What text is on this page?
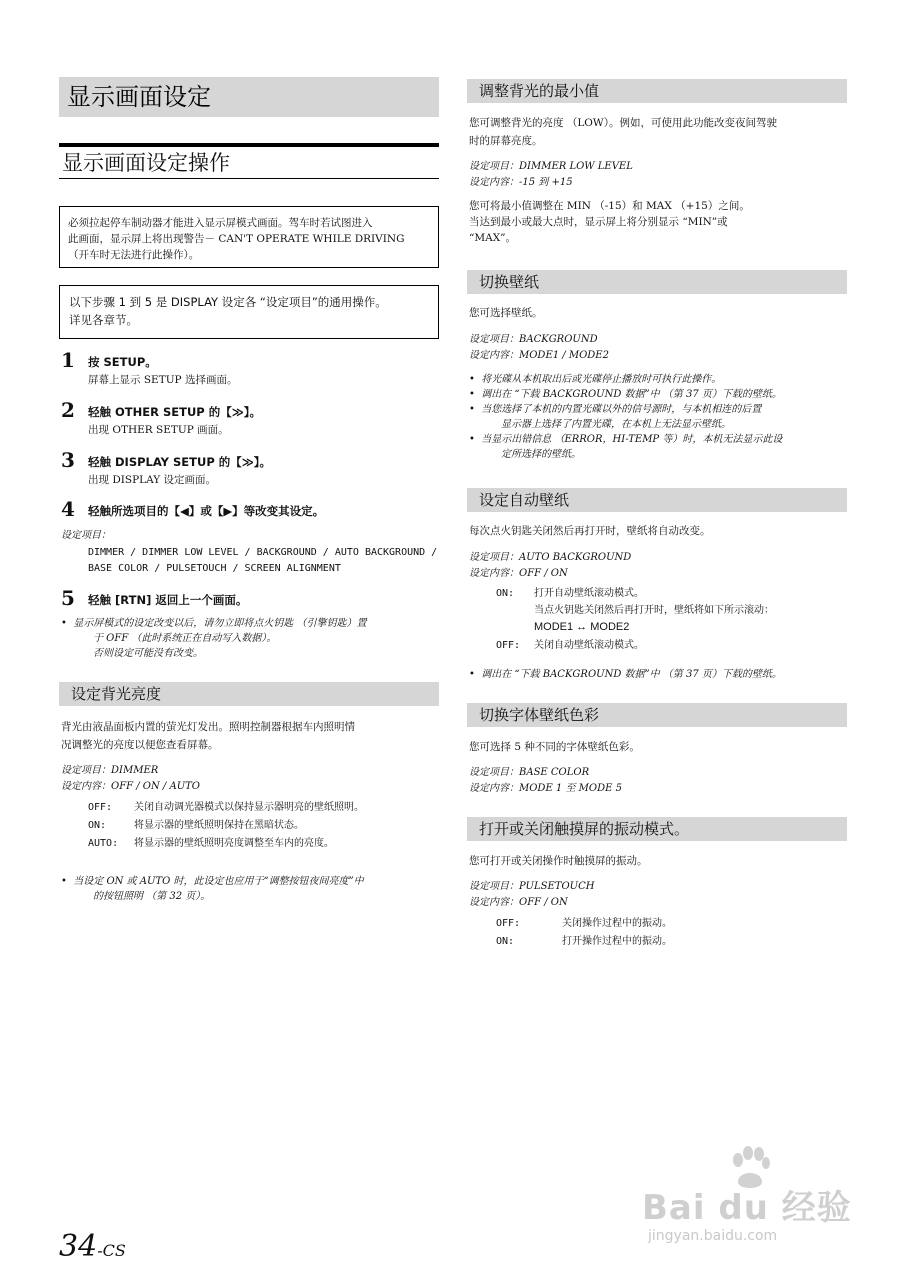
显示画面设定
显示画面设定操作
必须拉起停车制动器才能进入显示屏模式画面。驾车时若试图进入
此画面，显示屏上将出现警告－ CAN'T OPERATE WHILE DRIVING
（开车时无法进行此操作）。
以下步骤 1 到 5 是 DISPLAY 设定各 “设定项目”的通用操作。
详见各章节。
1 按 SETUP。
屏幕上显示 SETUP 选择画面。
2 轻触 OTHER SETUP 的【≫】。
出现 OTHER SETUP 画面。
3 轻触 DISPLAY SETUP 的【≫】。
出现 DISPLAY 设定画面。
4 轻触所选项目的【◀】或【▶】等改变其设定。
设定项目：
DIMMER / DIMMER LOW LEVEL / BACKGROUND / AUTO BACKGROUND /
BASE COLOR / PULSETOUCH / SCREEN ALIGNMENT
5 轻触 [RTN] 返回上一个画面。
•  显示屏模式的设定改变以后，请勿立即将点火钥匙 （引擎钥匙）置
于 OFF （此时系统正在自动写入数据）。
否则设定可能没有改变。
设定背光亮度
背光由液晶面板内置的萤光灯发出。照明控制器根据车内照明情
况调整光的亮度以便您查看屏幕。
设定项目：DIMMER
设定内容：OFF / ON / AUTO
OFF: 关闭自动调光器模式以保持显示器明亮的壁纸照明。
ON:	将显示器的壁纸照明保持在黑暗状态。
AUTO: 将显示器的壁纸照明亮度调整至车内的亮度。
•  当设定 ON 或 AUTO 时，此设定也应用于“调整按钮夜间亮度”中
的按钮照明 （第 32 页）。
调整背光的最小值
您可调整背光的亮度 （LOW）。例如，可使用此功能改变夜间驾驶
时的屏幕亮度。
设定项目：DIMMER LOW LEVEL
设定内容：-15 到 +15
您可将最小值调整在 MIN （-15）和 MAX （+15）之间。
当达到最小或最大点时，显示屏上将分别显示 “MIN”或
“MAX”。
切换壁纸
您可选择壁纸。
设定项目：BACKGROUND
设定内容：MODE1 / MODE2
•  将光碟从本机取出后或光碟停止播放时可执行此操作。
•  调出在 “下载 BACKGROUND 数据”中 （第 37 页）下载的壁纸。
•  当您选择了本机的内置光碟以外的信号源时，与本机相连的后置
显示器上选择了内置光碟，在本机上无法显示壁纸。
•  当显示出错信息 （ERROR，HI-TEMP 等）时，本机无法显示此设
定所选择的壁纸。
设定自动壁纸
每次点火钥匙关闭然后再打开时，壁纸将自动改变。
设定项目：AUTO BACKGROUND
设定内容：OFF / ON
ON: 打开自动壁纸滚动模式。
当点火钥匙关闭然后再打开时，壁纸将如下所示滚动：
MODE1 ↔ MODE2
OFF: 关闭自动壁纸滚动模式。
•  调出在 “下载 BACKGROUND 数据”中 （第 37 页）下载的壁纸。
切换字体壁纸色彩
您可选择 5 种不同的字体壁纸色彩。
设定项目：BASE COLOR
设定内容：MODE 1 至 MODE 5
打开或关闭触摸屏的振动模式。
您可打开或关闭操作时触摸屏的振动。
设定项目：PULSETOUCH
设定内容：OFF / ON
OFF:	关闭操作过程中的振动。
ON:	打开操作过程中的振动。
34-CS
Bai du 经验
jingyan.baidu.com
